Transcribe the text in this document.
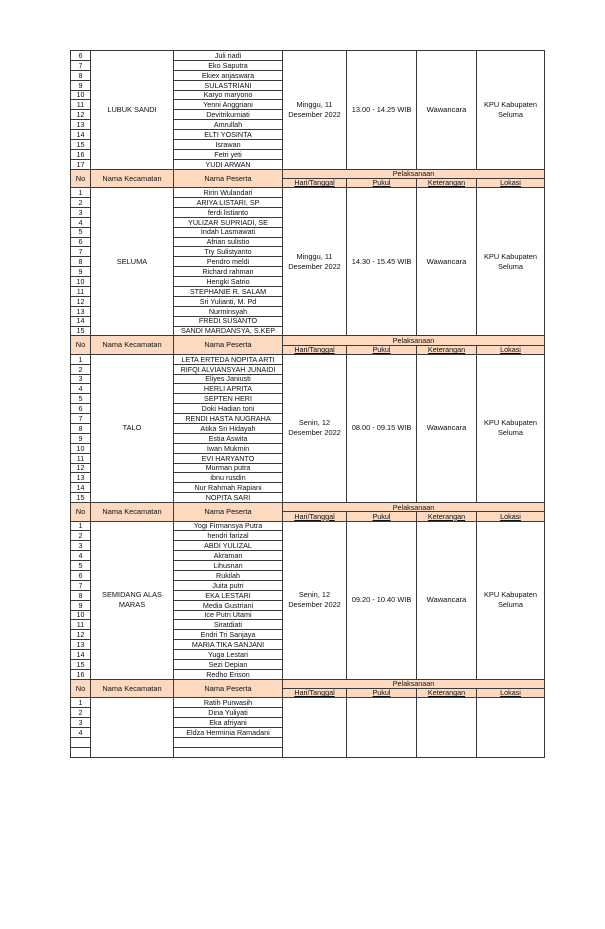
6	LUBUK SANDI	Juli riadi	Minggu, 11 Desember 2022	13.00 - 14.25 WIB	Wawancara	KPU Kabupaten Seluma
7		Eko Saputra				
8		Ekiex anjaswara				
9		SULASTRIANI				
10		Karyo maryono				
11		Yenni Anggriani				
12		Devitrikurniati				
13		Amrullah				
14		ELTI YOSINTA				
15		Israwan				
16		Fetri yeti				
17		YUDI ARWAN				
No	Nama Kecamatan	Nama Peserta	Pelaksanaan			
			Hari/Tanggal	Pukul	Keterangan	Lokasi
1	SELUMA	Ririn Wulandari	Minggu, 11 Desember 2022	14.30 - 15.45 WIB	Wawancara	KPU Kabupaten Seluma
2		ARIYA LISTARI, SP				
3		ferdi listianto				
4		YULIZAR SUPRIADI, SE				
5		Indah Lasmawati				
6		Afrian sulistio				
7		Try Sulistyanto				
8		Pendro meldi				
9		Richard rahman				
10		Hengki Satrio				
11		STEPHANIE R. SALAM				
12		Sri Yulianti, M. Pd				
13		Nurminsyah				
14		FREDI SUSANTO				
15		SANDI MARDANSYA, S.KEP				
No	Nama Kecamatan	Nama Peserta	Pelaksanaan			
			Hari/Tanggal	Pukul	Keterangan	Lokasi
1	TALO	LETA ERTEDA NOPITA ARTI	Senin, 12 Desember 2022	08.00 - 09.15 WIB	Wawancara	KPU Kabupaten Seluma
2		RIFQI ALVIANSYAH JUNAIDI				
3		Eliyes Janiusti				
4		HERLI APRITA				
5		SEPTEN HERI				
6		Doki Hadian toni				
7		RENDI HASTA NUGRAHA				
8		Atika Sri Hidayah				
9		Estia Aswita				
10		Iwan Mukmin				
11		EVI HARYANTO				
12		Murman putra				
13		ibnu rusdin				
14		Nur Rahmah Rapiani				
15		NOPITA SARI				
No	Nama Kecamatan	Nama Peserta	Pelaksanaan			
			Hari/Tanggal	Pukul	Keterangan	Lokasi
1	SEMIDANG ALAS MARAS	Yogi Firmansya Putra	Senin, 12 Desember 2022	09.20 - 10.40 WIB	Wawancara	KPU Kabupaten Seluma
2		hendri farizal				
3		ABDI YULIZAL				
4		Akraman				
5		Lihusnan				
6		Rukilah				
7		Juita putri				
8		EKA LESTARI				
9		Media Gustriani				
10		Ice Putri Utami				
11		Siratdiati				
12		Endri Tri Sanjaya				
13		MARIA TIKA SANJANI				
14		Yuga Lestari				
15		Sezi Depian				
16		Redho Erison				
No	Nama Kecamatan	Nama Peserta	Pelaksanaan			
			Hari/Tanggal	Pukul	Keterangan	Lokasi
1		Ratih Purwasih				
2		Dina Yuliyati				
3		Eka afriyani				
4		Eldza Herminia Ramadani				
